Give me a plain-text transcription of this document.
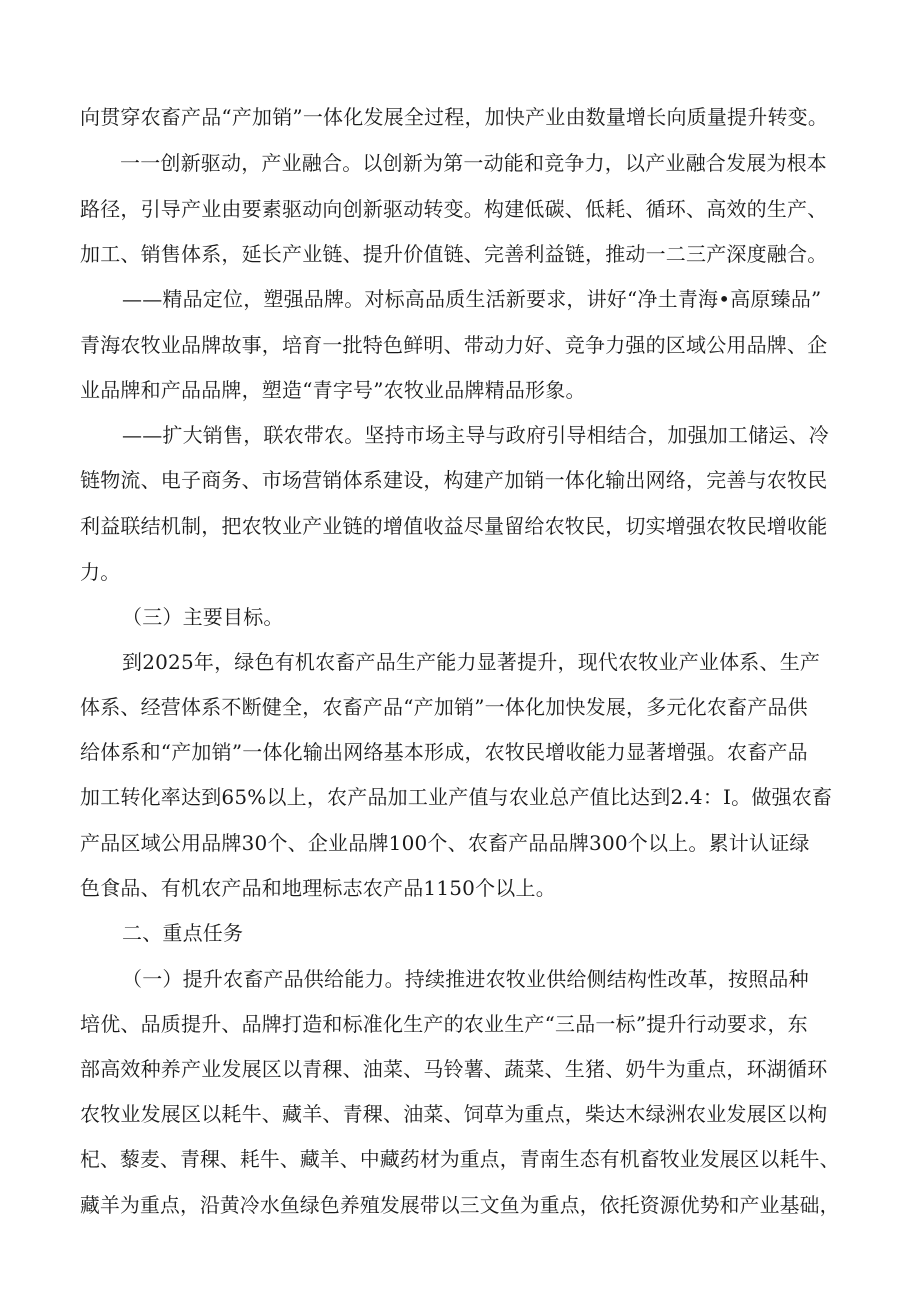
向贯穿农畜产品“产加销”一体化发展全过程，加快产业由数量增长向质量提升转变。
一一创新驱动，产业融合。以创新为第一动能和竞争力，以产业融合发展为根本
路径，引导产业由要素驱动向创新驱动转变。构建低碳、低耗、循环、高效的生产、
加工、销售体系，延长产业链、提升价值链、完善利益链，推动一二三产深度融合。
——精品定位，塑强品牌。对标高品质生活新要求，讲好“净土青海•高原臻品”
青海农牧业品牌故事，培育一批特色鲜明、带动力好、竞争力强的区域公用品牌、企
业品牌和产品品牌，塑造“青字号”农牧业品牌精品形象。
——扩大销售，联农带农。坚持市场主导与政府引导相结合，加强加工储运、冷
链物流、电子商务、市场营销体系建设，构建产加销一体化输出网络，完善与农牧民
利益联结机制，把农牧业产业链的增值收益尽量留给农牧民，切实增强农牧民增收能
力。
（三）主要目标。
到2025年，绿色有机农畜产品生产能力显著提升，现代农牧业产业体系、生产
体系、经营体系不断健全，农畜产品“产加销”一体化加快发展，多元化农畜产品供
给体系和“产加销”一体化输出网络基本形成，农牧民增收能力显著增强。农畜产品
加工转化率达到65%以上，农产品加工业产值与农业总产值比达到2.4：I。做强农畜
产品区域公用品牌30个、企业品牌100个、农畜产品品牌300个以上。累计认证绿
色食品、有机农产品和地理标志农产品1150个以上。
二、重点任务
（一）提升农畜产品供给能力。持续推进农牧业供给侧结构性改革，按照品种
培优、品质提升、品牌打造和标准化生产的农业生产“三品一标”提升行动要求，东
部高效种养产业发展区以青稞、油菜、马铃薯、蔬菜、生猪、奶牛为重点，环湖循环
农牧业发展区以耗牛、藏羊、青稞、油菜、饲草为重点，柴达木绿洲农业发展区以枸
杞、藜麦、青稞、耗牛、藏羊、中藏药材为重点，青南生态有机畜牧业发展区以耗牛、
藏羊为重点，沿黄冷水鱼绿色养殖发展带以三文鱼为重点，依托资源优势和产业基础，
